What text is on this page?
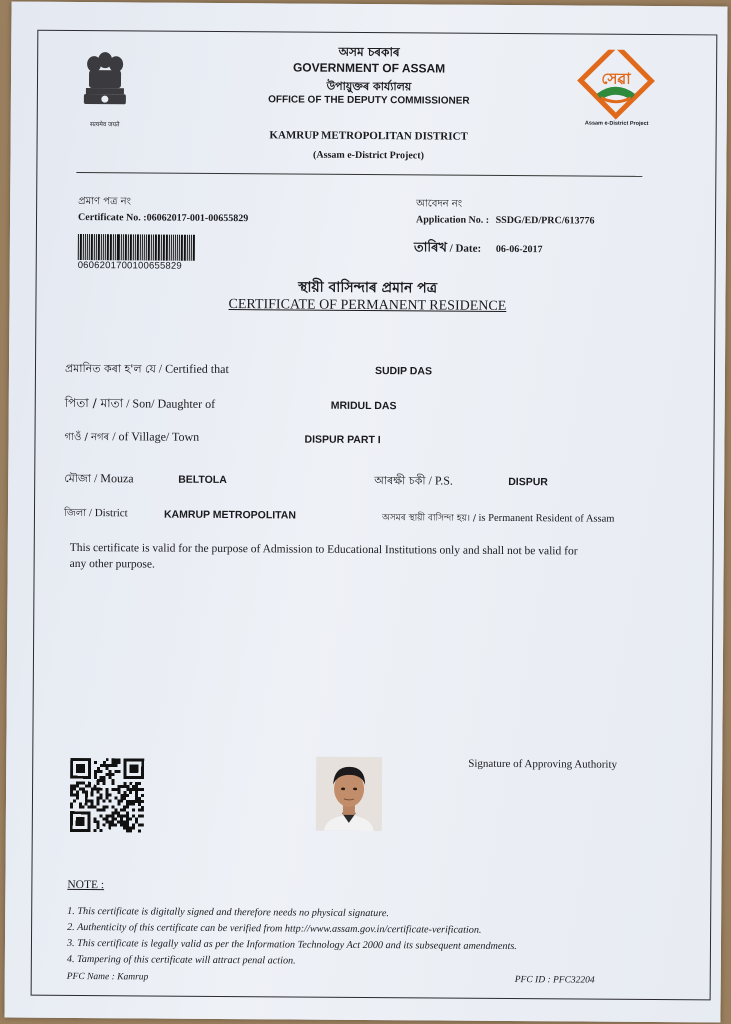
सत्यमेव जयते
অসম চৰকাৰ
GOVERNMENT OF ASSAM
উপায়ুক্তৰ কাৰ্য্যালয়
OFFICE OF THE DEPUTY COMMISSIONER
KAMRUP METROPOLITAN DISTRICT
(Assam e-District Project)
সেৱা
Assam e-District Project
প্ৰমাণ পত্ৰ নং
Certificate No. :06062017-001-00655829
0606201700100655829
আবেদন নং
Application No. : SSDG/ED/PRC/613776
তাৰিখ / Date: 06-06-2017
স্থায়ী বাসিন্দাৰ প্ৰমান পত্ৰ
CERTIFICATE OF PERMANENT RESIDENCE
প্ৰমানিত কৰা হ'ল যে / Certified that	SUDIP DAS
পিতা / মাতা / Son/ Daughter of	MRIDUL DAS
গাওঁ / নগৰ / of Village/ Town	DISPUR PART I
মৌজা / Mouza	BELTOLA	আৰক্ষী চকী / P.S.	DISPUR
জিলা / District	KAMRUP METROPOLITAN	অসমৰ স্থায়ী বাসিন্দা হয়। / is Permanent Resident of Assam
This certificate is valid for the purpose of Admission to Educational Institutions only and shall not be valid for
any other purpose.
Signature of Approving Authority
NOTE :
1. This certificate is digitally signed and therefore needs no physical signature.
2. Authenticity of this certificate can be verified from http://www.assam.gov.in/certificate-verification.
3. This certificate is legally valid as per the Information Technology Act 2000 and its subsequent amendments.
4. Tampering of this certificate will attract penal action.
PFC Name : Kamrup	PFC ID : PFC32204
